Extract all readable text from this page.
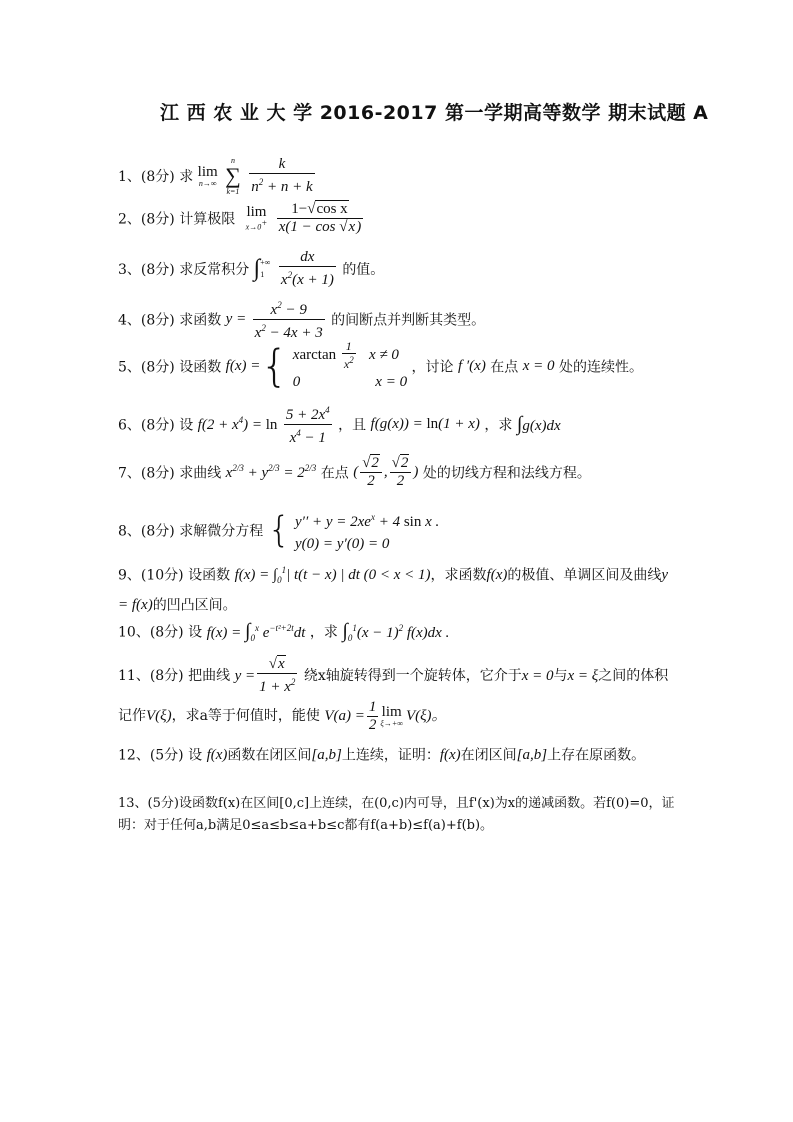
江 西 农 业 大 学 2016-2017 第一学期高等数学 期末试题 A
1、(8分) 求 lim
n→∞

n
∑
k=1
$\frac{k}{n^2 + n + k}$
2、(8分) 计算极限 lim
x→0+
$\frac{\text{1−√cos x}}{x(1 - \cos √x)}$
3、(8分) 求反常积分 ∫+∞
$1 \frac{dx}{x^2(x + 1)}$ 的值。
4、(8分) 求函数 $y = \frac{x^2 - 9}{x^2 - 4x + 3}$ 的间断点并判断其类型。
5、(8分) 设函数 f(x) ={ xarctan $\frac{1}{x^2}$ x ≠ 0
0                    x = 0
，讨论 f ′(x) 在点 x = 0 处的连续性。
6、(8分) 设 $f(2 + x^4) = \ln \frac{5 + 2x^4}{x^4 - 1}$ ，且 f(g(x)) = ln(1 + x) ，求 ∫g(x)dx
7、(8分) 求曲线 $x^{2/3} + y^{2/3} = 2^{2/3}$ 在点 ( $\frac{√2}{2}$ , $\frac{√2}{2}$ ) 处的切线方程和法线方程。
8、(8分) 求解微分方程 { $y'' + y = 2xe^x + 4$ sin x .
y(0) = y′(0) = 0
9、(10分) 设函数 $f(x) = \int_0^1|$ t(t − x) | dt (0 < x < 1)，求函数f(x)的极值、单调区间及曲线y = f(x)的凹凸区间。
10、(8分) 设 $f(x) = \int_0^x$ $e^{-t^2+2t}dt$ ，求 $\int_0^1(x - 1)^2$ f(x)dx .
11、(8分) 把曲线 $y = \frac{√x}{1 + x^2}$ 绕x轴旋转得到一个旋转体，它介于x = 0与x = ξ之间的体积记作V(ξ)，求a等于何值时，能使 $V(a) = \frac{1}{2}$ lim
ξ→+∞ V(ξ)。
12、(5分) 设 f(x)函数在闭区间[a,b]上连续，证明：f(x)在闭区间[a,b]上存在原函数。
13、(5分)设函数f(x)在区间[0,c]上连续，在(0,c)内可导，且f'(x)为x的递减函数。若f(0)=0，证明：对于任何a,b满足0≤a≤b≤a+b≤c都有f(a+b)≤f(a)+f(b)。
